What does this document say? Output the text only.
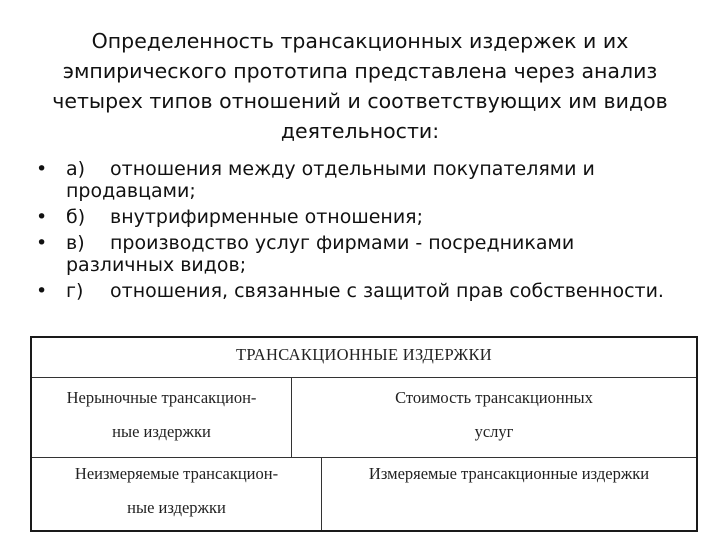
Определенность трансакционных издержек и их
эмпирического прототипа представлена через анализ
четырех типов отношений и соответствующих им видов
деятельности:
• а) отношения между отдельными покупателями и
продавцами;
• б) внутрифирменные отношения;
• в) производство услуг фирмами - посредниками
различных видов;
• г) отношения, связанные с защитой прав собственности.
ТРАНСАКЦИОННЫЕ ИЗДЕРЖКИ
Нерыночные трансакцион-
ные издержки
Стоимость трансакционных
услуг
Неизмеряемые трансакцион-
ные издержки
Измеряемые трансакционные издержки
